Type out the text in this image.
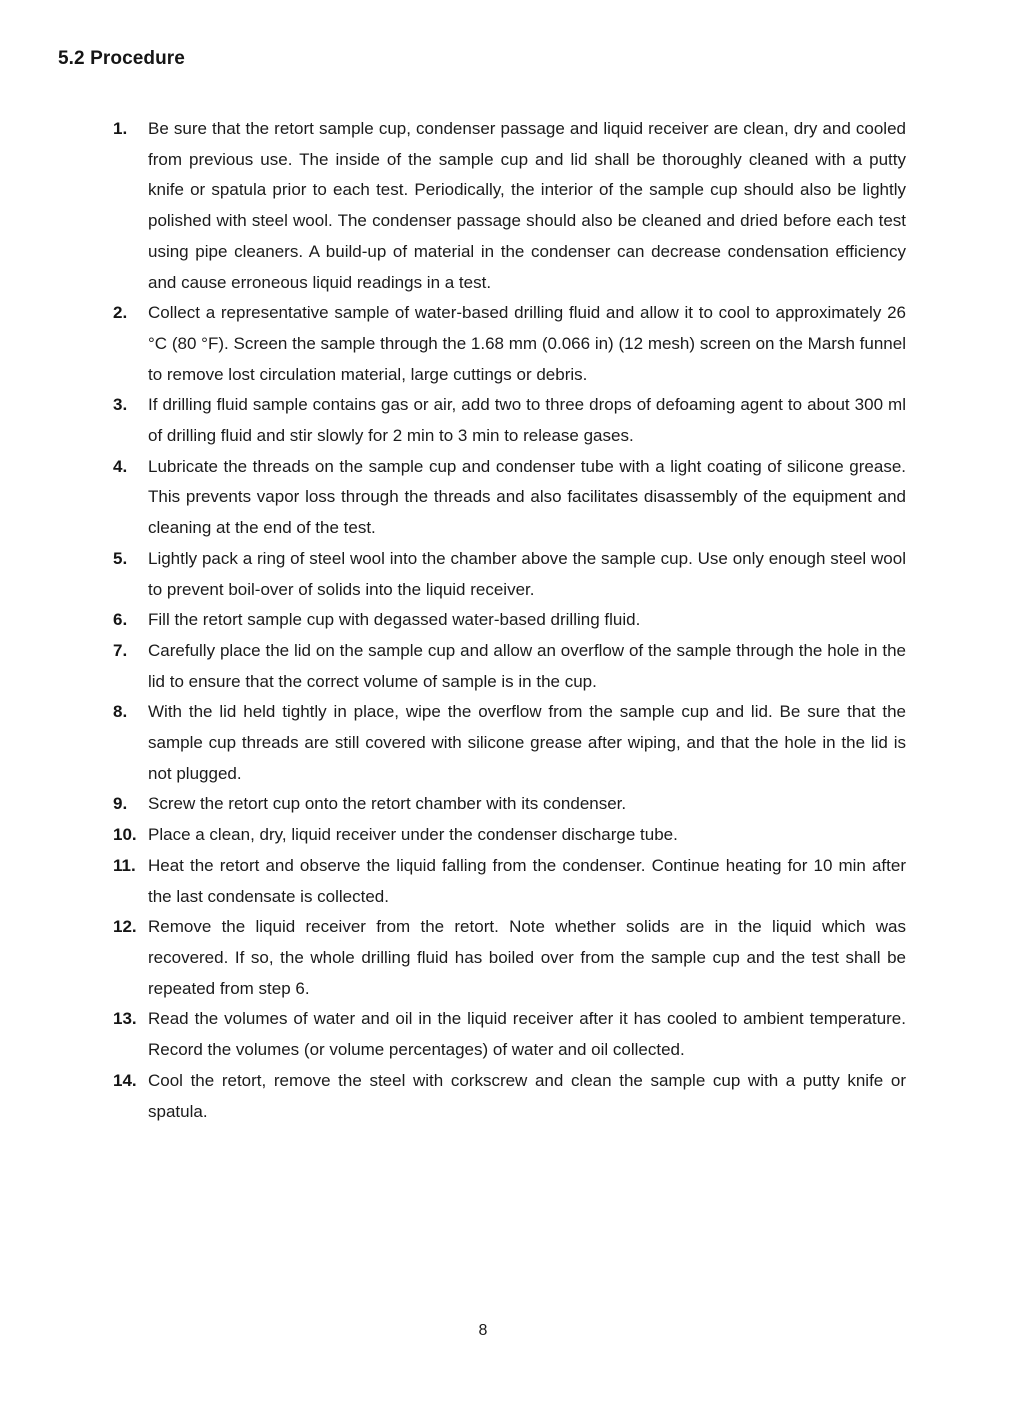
5.2 Procedure
1.	Be sure that the retort sample cup, condenser passage and liquid receiver are clean, dry and cooled from previous use. The inside of the sample cup and lid shall be thoroughly cleaned with a putty knife or spatula prior to each test. Periodically, the interior of the sample cup should also be lightly polished with steel wool. The condenser passage should also be cleaned and dried before each test using pipe cleaners. A build-up of material in the condenser can decrease condensation efficiency and cause erroneous liquid readings in a test.
2.	Collect a representative sample of water-based drilling fluid and allow it to cool to approximately 26 °C (80 °F). Screen the sample through the 1.68 mm (0.066 in) (12 mesh) screen on the Marsh funnel to remove lost circulation material, large cuttings or debris.
3.	If drilling fluid sample contains gas or air, add two to three drops of defoaming agent to about 300 ml of drilling fluid and stir slowly for 2 min to 3 min to release gases.
4.	Lubricate the threads on the sample cup and condenser tube with a light coating of silicone grease. This prevents vapor loss through the threads and also facilitates disassembly of the equipment and cleaning at the end of the test.
5.	Lightly pack a ring of steel wool into the chamber above the sample cup. Use only enough steel wool to prevent boil-over of solids into the liquid receiver.
6.	Fill the retort sample cup with degassed water-based drilling fluid.
7.	Carefully place the lid on the sample cup and allow an overflow of the sample through the hole in the lid to ensure that the correct volume of sample is in the cup.
8.	With the lid held tightly in place, wipe the overflow from the sample cup and lid. Be sure that the sample cup threads are still covered with silicone grease after wiping, and that the hole in the lid is not plugged.
9.	Screw the retort cup onto the retort chamber with its condenser.
10. Place a clean, dry, liquid receiver under the condenser discharge tube.
11. Heat the retort and observe the liquid falling from the condenser. Continue heating for 10 min after the last condensate is collected.
12. Remove the liquid receiver from the retort. Note whether solids are in the liquid which was recovered. If so, the whole drilling fluid has boiled over from the sample cup and the test shall be repeated from step 6.
13. Read the volumes of water and oil in the liquid receiver after it has cooled to ambient temperature. Record the volumes (or volume percentages) of water and oil collected.
14. Cool the retort, remove the steel with corkscrew and clean the sample cup with a putty knife or spatula.
8
